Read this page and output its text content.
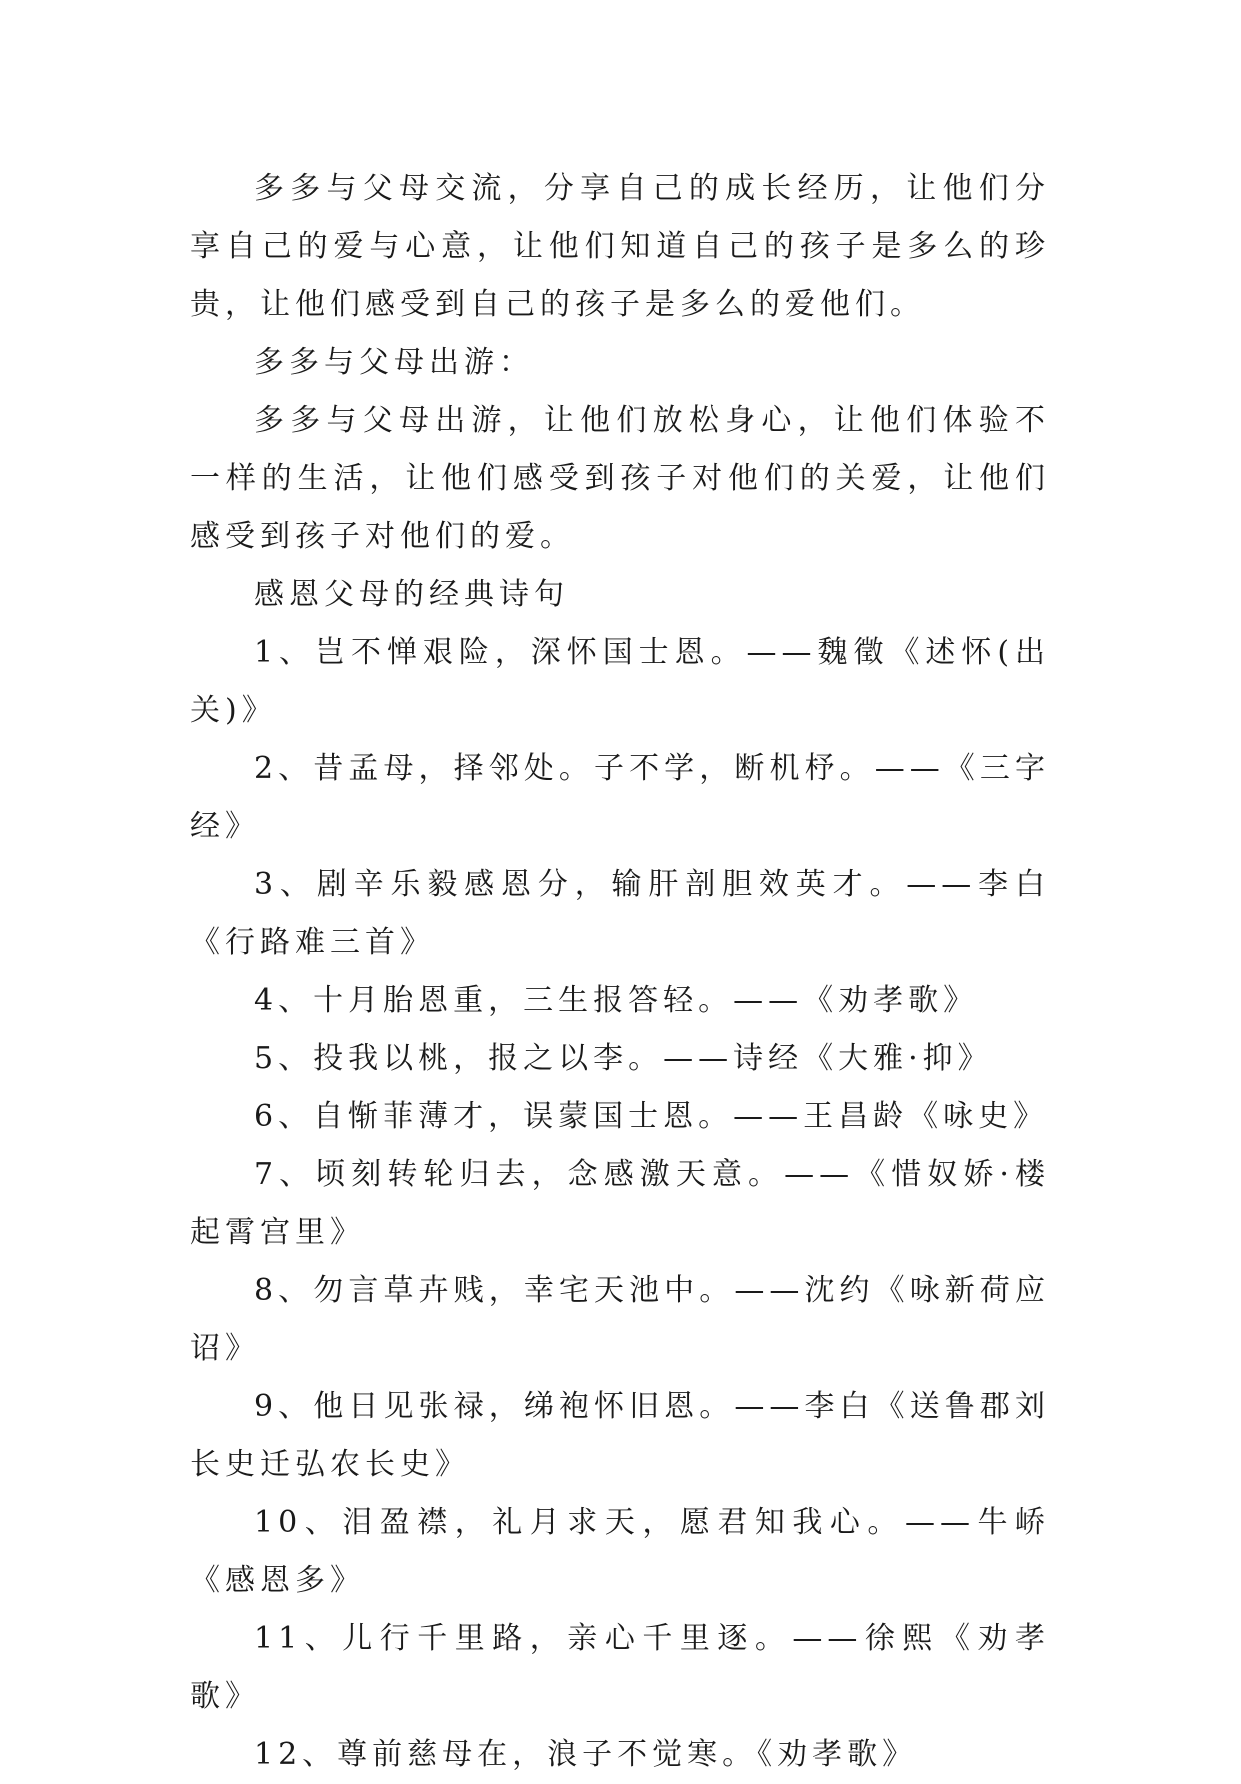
多多与父母交流，分享自己的成长经历，让他们分享自己的爱与心意，让他们知道自己的孩子是多么的珍贵，让他们感受到自己的孩子是多么的爱他们。

多多与父母出游：

多多与父母出游，让他们放松身心，让他们体验不一样的生活，让他们感受到孩子对他们的关爱，让他们感受到孩子对他们的爱。

感恩父母的经典诗句

1、岂不惮艰险，深怀国士恩。——魏徵《述怀(出关)》

2、昔孟母，择邻处。子不学，断机杼。——《三字经》

3、剧辛乐毅感恩分，输肝剖胆效英才。——李白《行路难三首》

4、十月胎恩重，三生报答轻。——《劝孝歌》

5、投我以桃，报之以李。——诗经《大雅·抑》

6、自惭菲薄才，误蒙国士恩。——王昌龄《咏史》

7、顷刻转轮归去，念感激天意。——《惜奴娇·楼起霄宫里》

8、勿言草卉贱，幸宅天池中。——沈约《咏新荷应诏》

9、他日见张禄，绨袍怀旧恩。——李白《送鲁郡刘长史迁弘农长史》

10、泪盈襟，礼月求天，愿君知我心。——牛峤《感恩多》

11、儿行千里路，亲心千里逐。——徐熙《劝孝歌》

12、尊前慈母在，浪子不觉寒。《劝孝歌》
